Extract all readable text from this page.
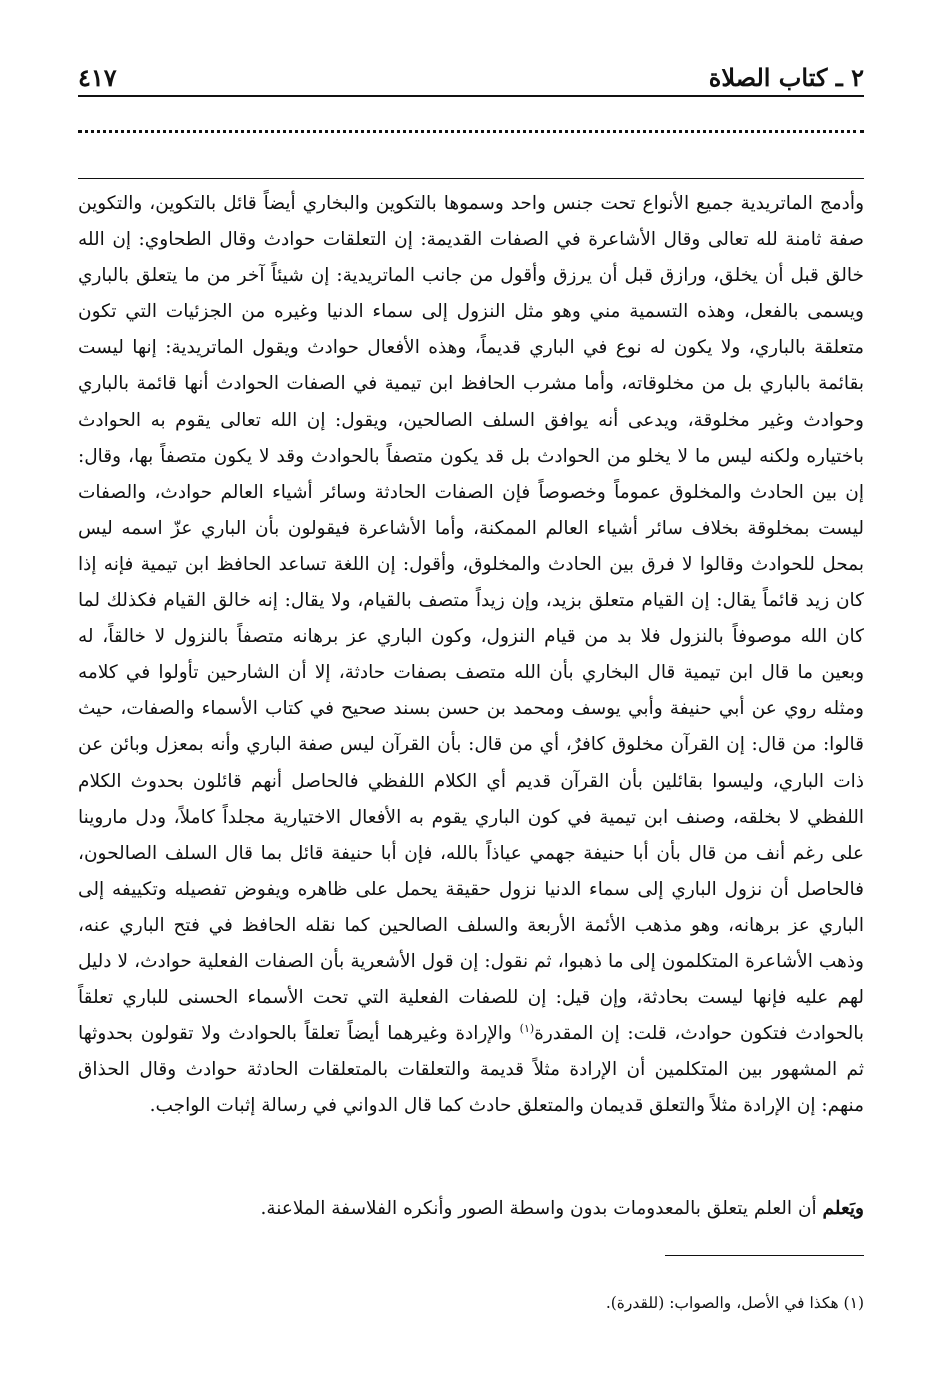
٢ ـ كتاب الصلاة
٤١٧

وأدمج الماتريدية جميع الأنواع تحت جنس واحد وسموها بالتكوين والبخاري أيضاً قائل بالتكوين، والتكوين صفة ثامنة لله تعالى وقال الأشاعرة في الصفات القديمة: إن التعلقات حوادث وقال الطحاوي: إن الله خالق قبل أن يخلق، ورازق قبل أن يرزق وأقول من جانب الماتريدية: إن شيئاً آخر من ما يتعلق بالباري ويسمى بالفعل، وهذه التسمية مني وهو مثل النزول إلى سماء الدنيا وغيره من الجزئيات التي تكون متعلقة بالباري، ولا يكون له نوع في الباري قديماً، وهذه الأفعال حوادث ويقول الماتريدية: إنها ليست بقائمة بالباري بل من مخلوقاته، وأما مشرب الحافظ ابن تيمية في الصفات الحوادث أنها قائمة بالباري وحوادث وغير مخلوقة، ويدعى أنه يوافق السلف الصالحين، ويقول: إن الله تعالى يقوم به الحوادث باختياره ولكنه ليس ما لا يخلو من الحوادث بل قد يكون متصفاً بالحوادث وقد لا يكون متصفاً بها، وقال: إن بين الحادث والمخلوق عموماً وخصوصاً فإن الصفات الحادثة وسائر أشياء العالم حوادث، والصفات ليست بمخلوقة بخلاف سائر أشياء العالم الممكنة، وأما الأشاعرة فيقولون بأن الباري عزّ اسمه ليس بمحل للحوادث وقالوا لا فرق بين الحادث والمخلوق، وأقول: إن اللغة تساعد الحافظ ابن تيمية فإنه إذا كان زيد قائماً يقال: إن القيام متعلق بزيد، وإن زيداً متصف بالقيام، ولا يقال: إنه خالق القيام فكذلك لما كان الله موصوفاً بالنزول فلا بد من قيام النزول، وكون الباري عز برهانه متصفاً بالنزول لا خالقاً، له وبعين ما قال ابن تيمية قال البخاري بأن الله متصف بصفات حادثة، إلا أن الشارحين تأولوا في كلامه ومثله روي عن أبي حنيفة وأبي يوسف ومحمد بن حسن بسند صحيح في كتاب الأسماء والصفات، حيث قالوا: من قال: إن القرآن مخلوق كافرٌ، أي من قال: بأن القرآن ليس صفة الباري وأنه بمعزل وبائن عن ذات الباري، وليسوا بقائلين بأن القرآن قديم أي الكلام اللفظي فالحاصل أنهم قائلون بحدوث الكلام اللفظي لا بخلقه، وصنف ابن تيمية في كون الباري يقوم به الأفعال الاختيارية مجلداً كاملاً، ودل ماروينا على رغم أنف من قال بأن أبا حنيفة جهمي عياذاً بالله، فإن أبا حنيفة قائل بما قال السلف الصالحون، فالحاصل أن نزول الباري إلى سماء الدنيا نزول حقيقة يحمل على ظاهره ويفوض تفصيله وتكييفه إلى الباري عز برهانه، وهو مذهب الأئمة الأربعة والسلف الصالحين كما نقله الحافظ في فتح الباري عنه، وذهب الأشاعرة المتكلمون إلى ما ذهبوا، ثم نقول: إن قول الأشعرية بأن الصفات الفعلية حوادث، لا دليل لهم عليه فإنها ليست بحادثة، وإن قيل: إن للصفات الفعلية التي تحت الأسماء الحسنى للباري تعلقاً بالحوادث فتكون حوادث، قلت: إن المقدرة$^{(١)}$ والإرادة وغيرهما أيضاً تعلقاً بالحوادث ولا تقولون بحدوثها ثم المشهور بين المتكلمين أن الإرادة مثلاً قديمة والتعلقات بالمتعلقات الحادثة حوادث وقال الحذاق منهم: إن الإرادة مثلاً والتعلق قديمان والمتعلق حادث كما قال الدواني في رسالة إثبات الواجب.

ويَعلم أن العلم يتعلق بالمعدومات بدون واسطة الصور وأنكره الفلاسفة الملاعنة.

(١) هكذا في الأصل، والصواب: (للقدرة).
